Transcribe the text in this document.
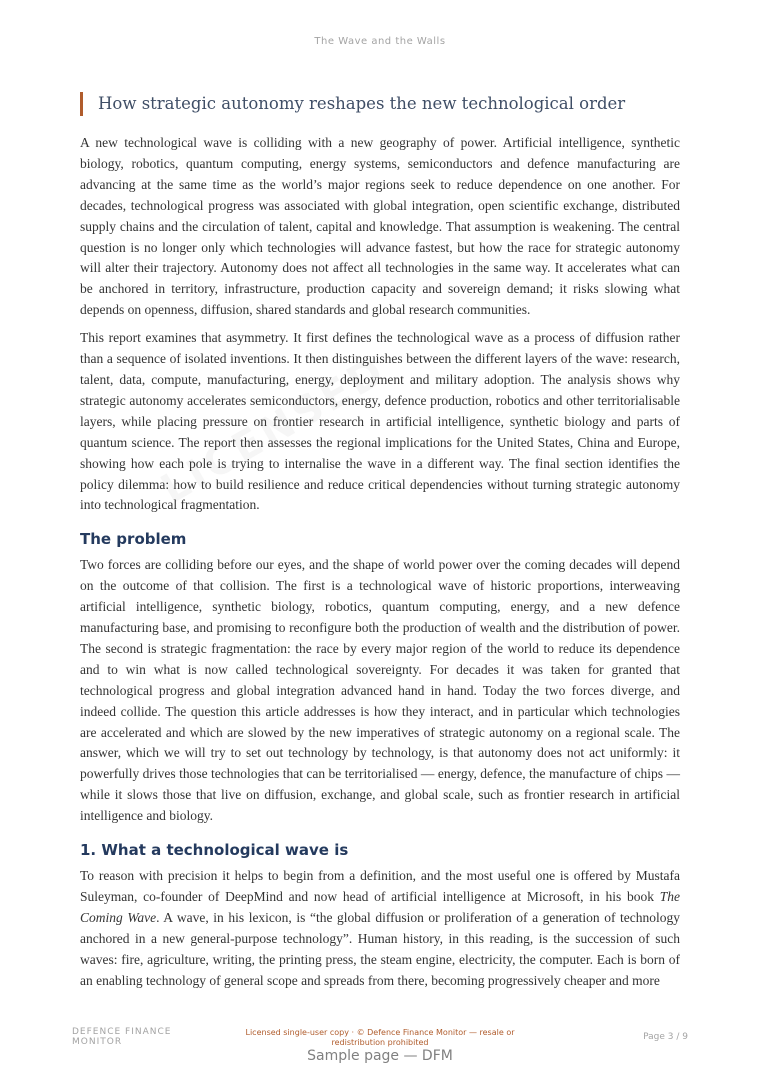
The Wave and the Walls
How strategic autonomy reshapes the new technological order

A new technological wave is colliding with a new geography of power. Artificial intelligence, synthetic biology, robotics, quantum computing, energy systems, semiconductors and defence manufacturing are advancing at the same time as the world’s major regions seek to reduce dependence on one another. For decades, technological progress was associated with global integration, open scientific exchange, distributed supply chains and the circulation of talent, capital and knowledge. That assumption is weakening. The central question is no longer only which technologies will advance fastest, but how the race for strategic autonomy will alter their trajectory. Autonomy does not affect all technologies in the same way. It accelerates what can be anchored in territory, infrastructure, production capacity and sovereign demand; it risks slowing what depends on openness, diffusion, shared standards and global research communities.

This report examines that asymmetry. It first defines the technological wave as a process of diffusion rather than a sequence of isolated inventions. It then distinguishes between the different layers of the wave: research, talent, data, compute, manufacturing, energy, deployment and military adoption. The analysis shows why strategic autonomy accelerates semiconductors, energy, defence production, robotics and other territorialisable layers, while placing pressure on frontier research in artificial intelligence, synthetic biology and parts of quantum science. The report then assesses the regional implications for the United States, China and Europe, showing how each pole is trying to internalise the wave in a different way. The final section identifies the policy dilemma: how to build resilience and reduce critical dependencies without turning strategic autonomy into technological fragmentation.

The problem

Two forces are colliding before our eyes, and the shape of world power over the coming decades will depend on the outcome of that collision. The first is a technological wave of historic proportions, interweaving artificial intelligence, synthetic biology, robotics, quantum computing, energy, and a new defence manufacturing base, and promising to reconfigure both the production of wealth and the distribution of power. The second is strategic fragmentation: the race by every major region of the world to reduce its dependence and to win what is now called technological sovereignty. For decades it was taken for granted that technological progress and global integration advanced hand in hand. Today the two forces diverge, and indeed collide. The question this article addresses is how they interact, and in particular which technologies are accelerated and which are slowed by the new imperatives of strategic autonomy on a regional scale. The answer, which we will try to set out technology by technology, is that autonomy does not act uniformly: it powerfully drives those technologies that can be territorialised — energy, defence, the manufacture of chips — while it slows those that live on diffusion, exchange, and global scale, such as frontier research in artificial intelligence and biology.

1. What a technological wave is

To reason with precision it helps to begin from a definition, and the most useful one is offered by Mustafa Suleyman, co-founder of DeepMind and now head of artificial intelligence at Microsoft, in his book The Coming Wave. A wave, in his lexicon, is “the global diffusion or proliferation of a generation of technology anchored in a new general-purpose technology”. Human history, in this reading, is the succession of such waves: fire, agriculture, writing, the printing press, the steam engine, electricity, the computer. Each is born of an enabling technology of general scope and spreads from there, becoming progressively cheaper and more

DEFENCE FINANCE
MONITOR
Licensed single-user copy · © Defence Finance Monitor — resale or redistribution prohibited
Page 3 / 9
Sample page — DFM
